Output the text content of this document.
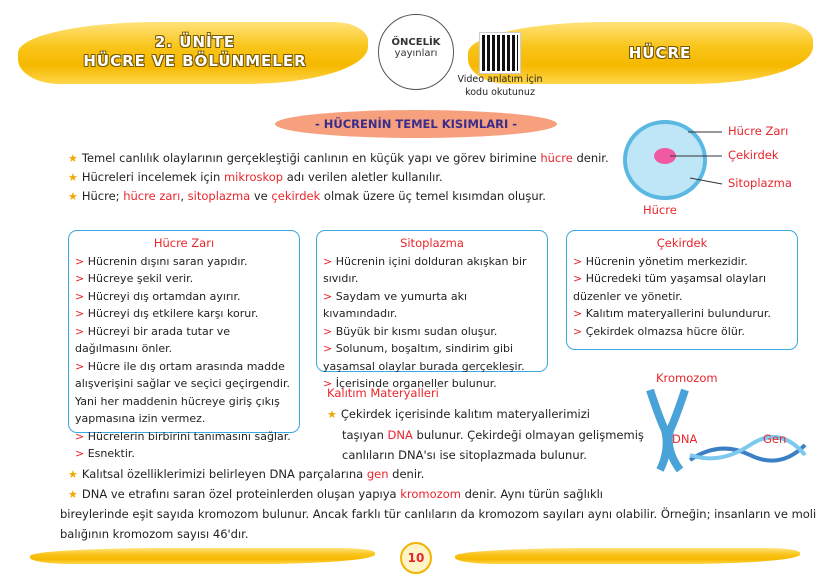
2. ÜNİTE
HÜCRE VE BÖLÜNMELER	HÜCRE
ÖNCELİK
yayınları
Video anlatım için
kodu okutunuz
- HÜCRENİN TEMEL KISIMLARI -
★ Temel canlılık olaylarının gerçekleştiği canlının en küçük yapı ve görev birimine hücre denir.
★ Hücreleri incelemek için mikroskop adı verilen aletler kullanılır.
★ Hücre; hücre zarı, sitoplazma ve çekirdek olmak üzere üç temel kısımdan oluşur.
Hücre Zarı
Çekirdek
Sitoplazma
Hücre
Hücre Zarı
> Hücrenin dışını saran yapıdır.
> Hücreye şekil verir.
> Hücreyi dış ortamdan ayırır.
> Hücreyi dış etkilere karşı korur.
> Hücreyi bir arada tutar ve dağılmasını önler.
> Hücre ile dış ortam arasında madde alışverişini sağlar ve seçici geçirgendir. Yani her maddenin hücreye giriş çıkış yapmasına izin vermez.
> Hücrelerin birbirini tanımasını sağlar.
> Esnektir.
Sitoplazma
> Hücrenin içini dolduran akışkan bir sıvıdır.
> Saydam ve yumurta akı kıvamındadır.
> Büyük bir kısmı sudan oluşur.
> Solunum, boşaltım, sindirim gibi yaşamsal olaylar burada gerçekleşir.
> İçerisinde organeller bulunur.
Çekirdek
> Hücrenin yönetim merkezidir.
> Hücredeki tüm yaşamsal olayları düzenler ve yönetir.
> Kalıtım materyallerini bulundurur.
> Çekirdek olmazsa hücre ölür.
Kalıtım Materyalleri
★ Çekirdek içerisinde kalıtım materyallerimizi
taşıyan DNA bulunur. Çekirdeği olmayan gelişmemiş
canlıların DNA'sı ise sitoplazmada bulunur.
Kromozom
DNA	Gen
★ Kalıtsal özelliklerimizi belirleyen DNA parçalarına gen denir.
★ DNA ve etrafını saran özel proteinlerden oluşan yapıya kromozom denir. Aynı türün sağlıklı
bireylerinde eşit sayıda kromozom bulunur. Ancak farklı tür canlıların da kromozom sayıları aynı olabilir. Örneğin; insanların ve moli
balığının kromozom sayısı 46'dır.
10
